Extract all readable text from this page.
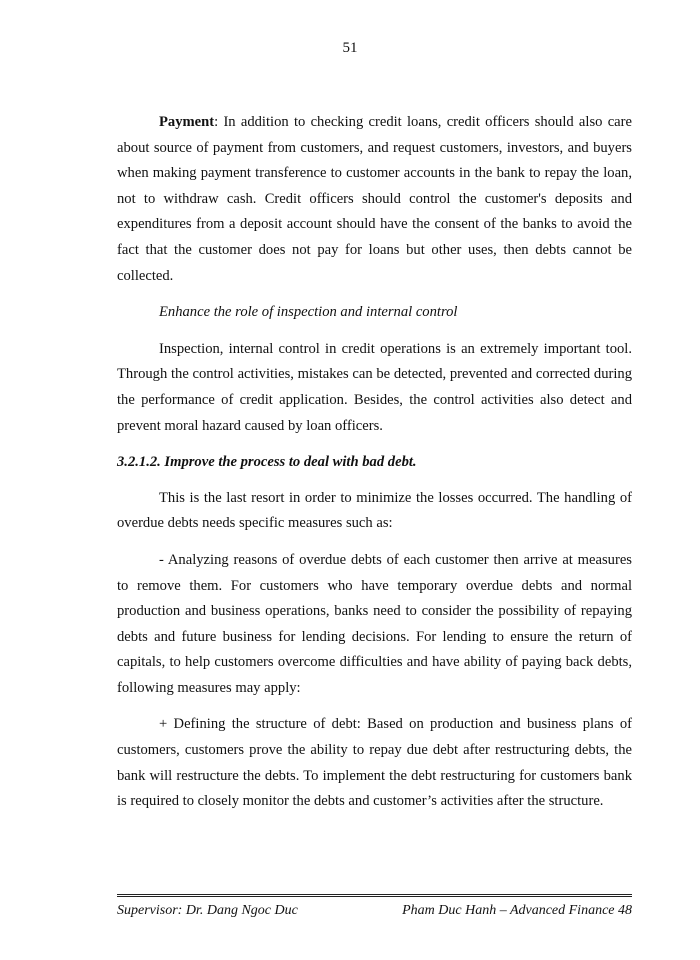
51

Payment: In addition to checking credit loans, credit officers should also care about source of payment from customers, and request customers, investors, and buyers when making payment transference to customer accounts in the bank to repay the loan, not to withdraw cash. Credit officers should control the customer's deposits and expenditures from a deposit account should have the consent of the banks to avoid the fact that the customer does not pay for loans but other uses, then debts cannot be collected.

Enhance the role of inspection and internal control

Inspection, internal control in credit operations is an extremely important tool. Through the control activities, mistakes can be detected, prevented and corrected during the performance of credit application. Besides, the control activities also detect and prevent moral hazard caused by loan officers.

3.2.1.2. Improve the process to deal with bad debt.

This is the last resort in order to minimize the losses occurred. The handling of overdue debts needs specific measures such as:

- Analyzing reasons of overdue debts of each customer then arrive at measures to remove them. For customers who have temporary overdue debts and normal production and business operations, banks need to consider the possibility of repaying debts and future business for lending decisions. For lending to ensure the return of capitals, to help customers overcome difficulties and have ability of paying back debts, following measures may apply:

+ Defining the structure of debt: Based on production and business plans of customers, customers prove the ability to repay due debt after restructuring debts, the bank will restructure the debts. To implement the debt restructuring for customers bank is required to closely monitor the debts and customer’s activities after the structure.

Supervisor: Dr. Dang Ngoc Duc	Pham Duc Hanh – Advanced Finance 48
